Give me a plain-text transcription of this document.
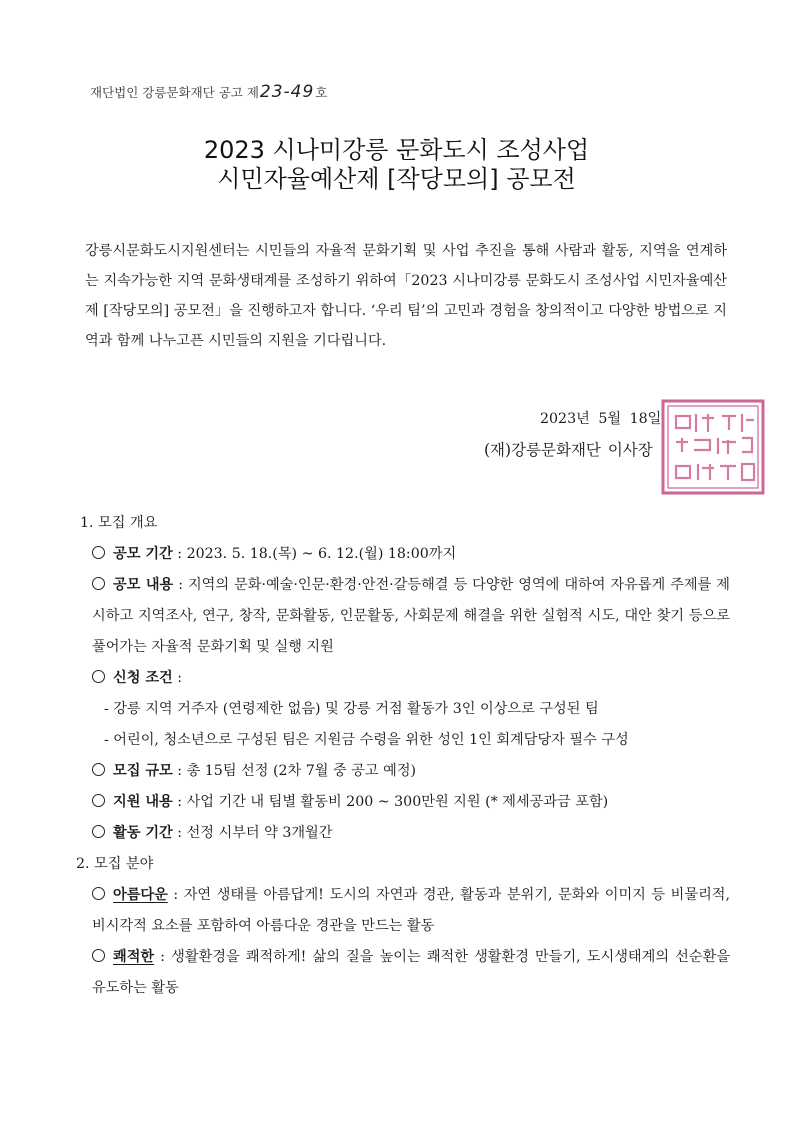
재단법인 강릉문화재단 공고 제 23-49 호
2023 시나미강릉 문화도시 조성사업
시민자율예산제 [작당모의] 공모전
강릉시문화도시지원센터는 시민들의 자율적 문화기획 및 사업 추진을 통해 사람과 활동, 지역을 연계하는 지속가능한 지역 문화생태계를 조성하기 위하여「2023 시나미강릉 문화도시 조성사업 시민자율예산제 [작당모의] 공모전」을 진행하고자 합니다. ‘우리 팀’의 고민과 경험을 창의적이고 다양한 방법으로 지역과 함께 나누고픈 시민들의 지원을 기다립니다.
2023년 5월 18일
(재)강릉문화재단 이사장

1. 모집 개요

공모 기간 : 2023. 5. 18.(목) ~ 6. 12.(월) 18:00까지

공모 내용 : 지역의 문화·예술·인문·환경·안전·갈등해결 등 다양한 영역에 대하여 자유롭게 주제를 제시하고 지역조사, 연구, 창작, 문화활동, 인문활동, 사회문제 해결을 위한 실험적 시도, 대안 찾기 등으로 풀어가는 자율적 문화기획 및 실행 지원

신청 조건 :

- 강릉 지역 거주자 (연령제한 없음) 및 강릉 거점 활동가 3인 이상으로 구성된 팀

- 어린이, 청소년으로 구성된 팀은 지원금 수령을 위한 성인 1인 회계담당자 필수 구성

모집 규모 : 총 15팀 선정 (2차 7월 중 공고 예정)

지원 내용 : 사업 기간 내 팀별 활동비 200 ~ 300만원 지원 (* 제세공과금 포함)

활동 기간 : 선정 시부터 약 3개월간

2. 모집 분야

아름다운 : 자연 생태를 아름답게! 도시의 자연과 경관, 활동과 분위기, 문화와 이미지 등 비물리적, 비시각적 요소를 포함하여 아름다운 경관을 만드는 활동

쾌적한 : 생활환경을 쾌적하게! 삶의 질을 높이는 쾌적한 생활환경 만들기, 도시생태계의 선순환을 유도하는 활동
